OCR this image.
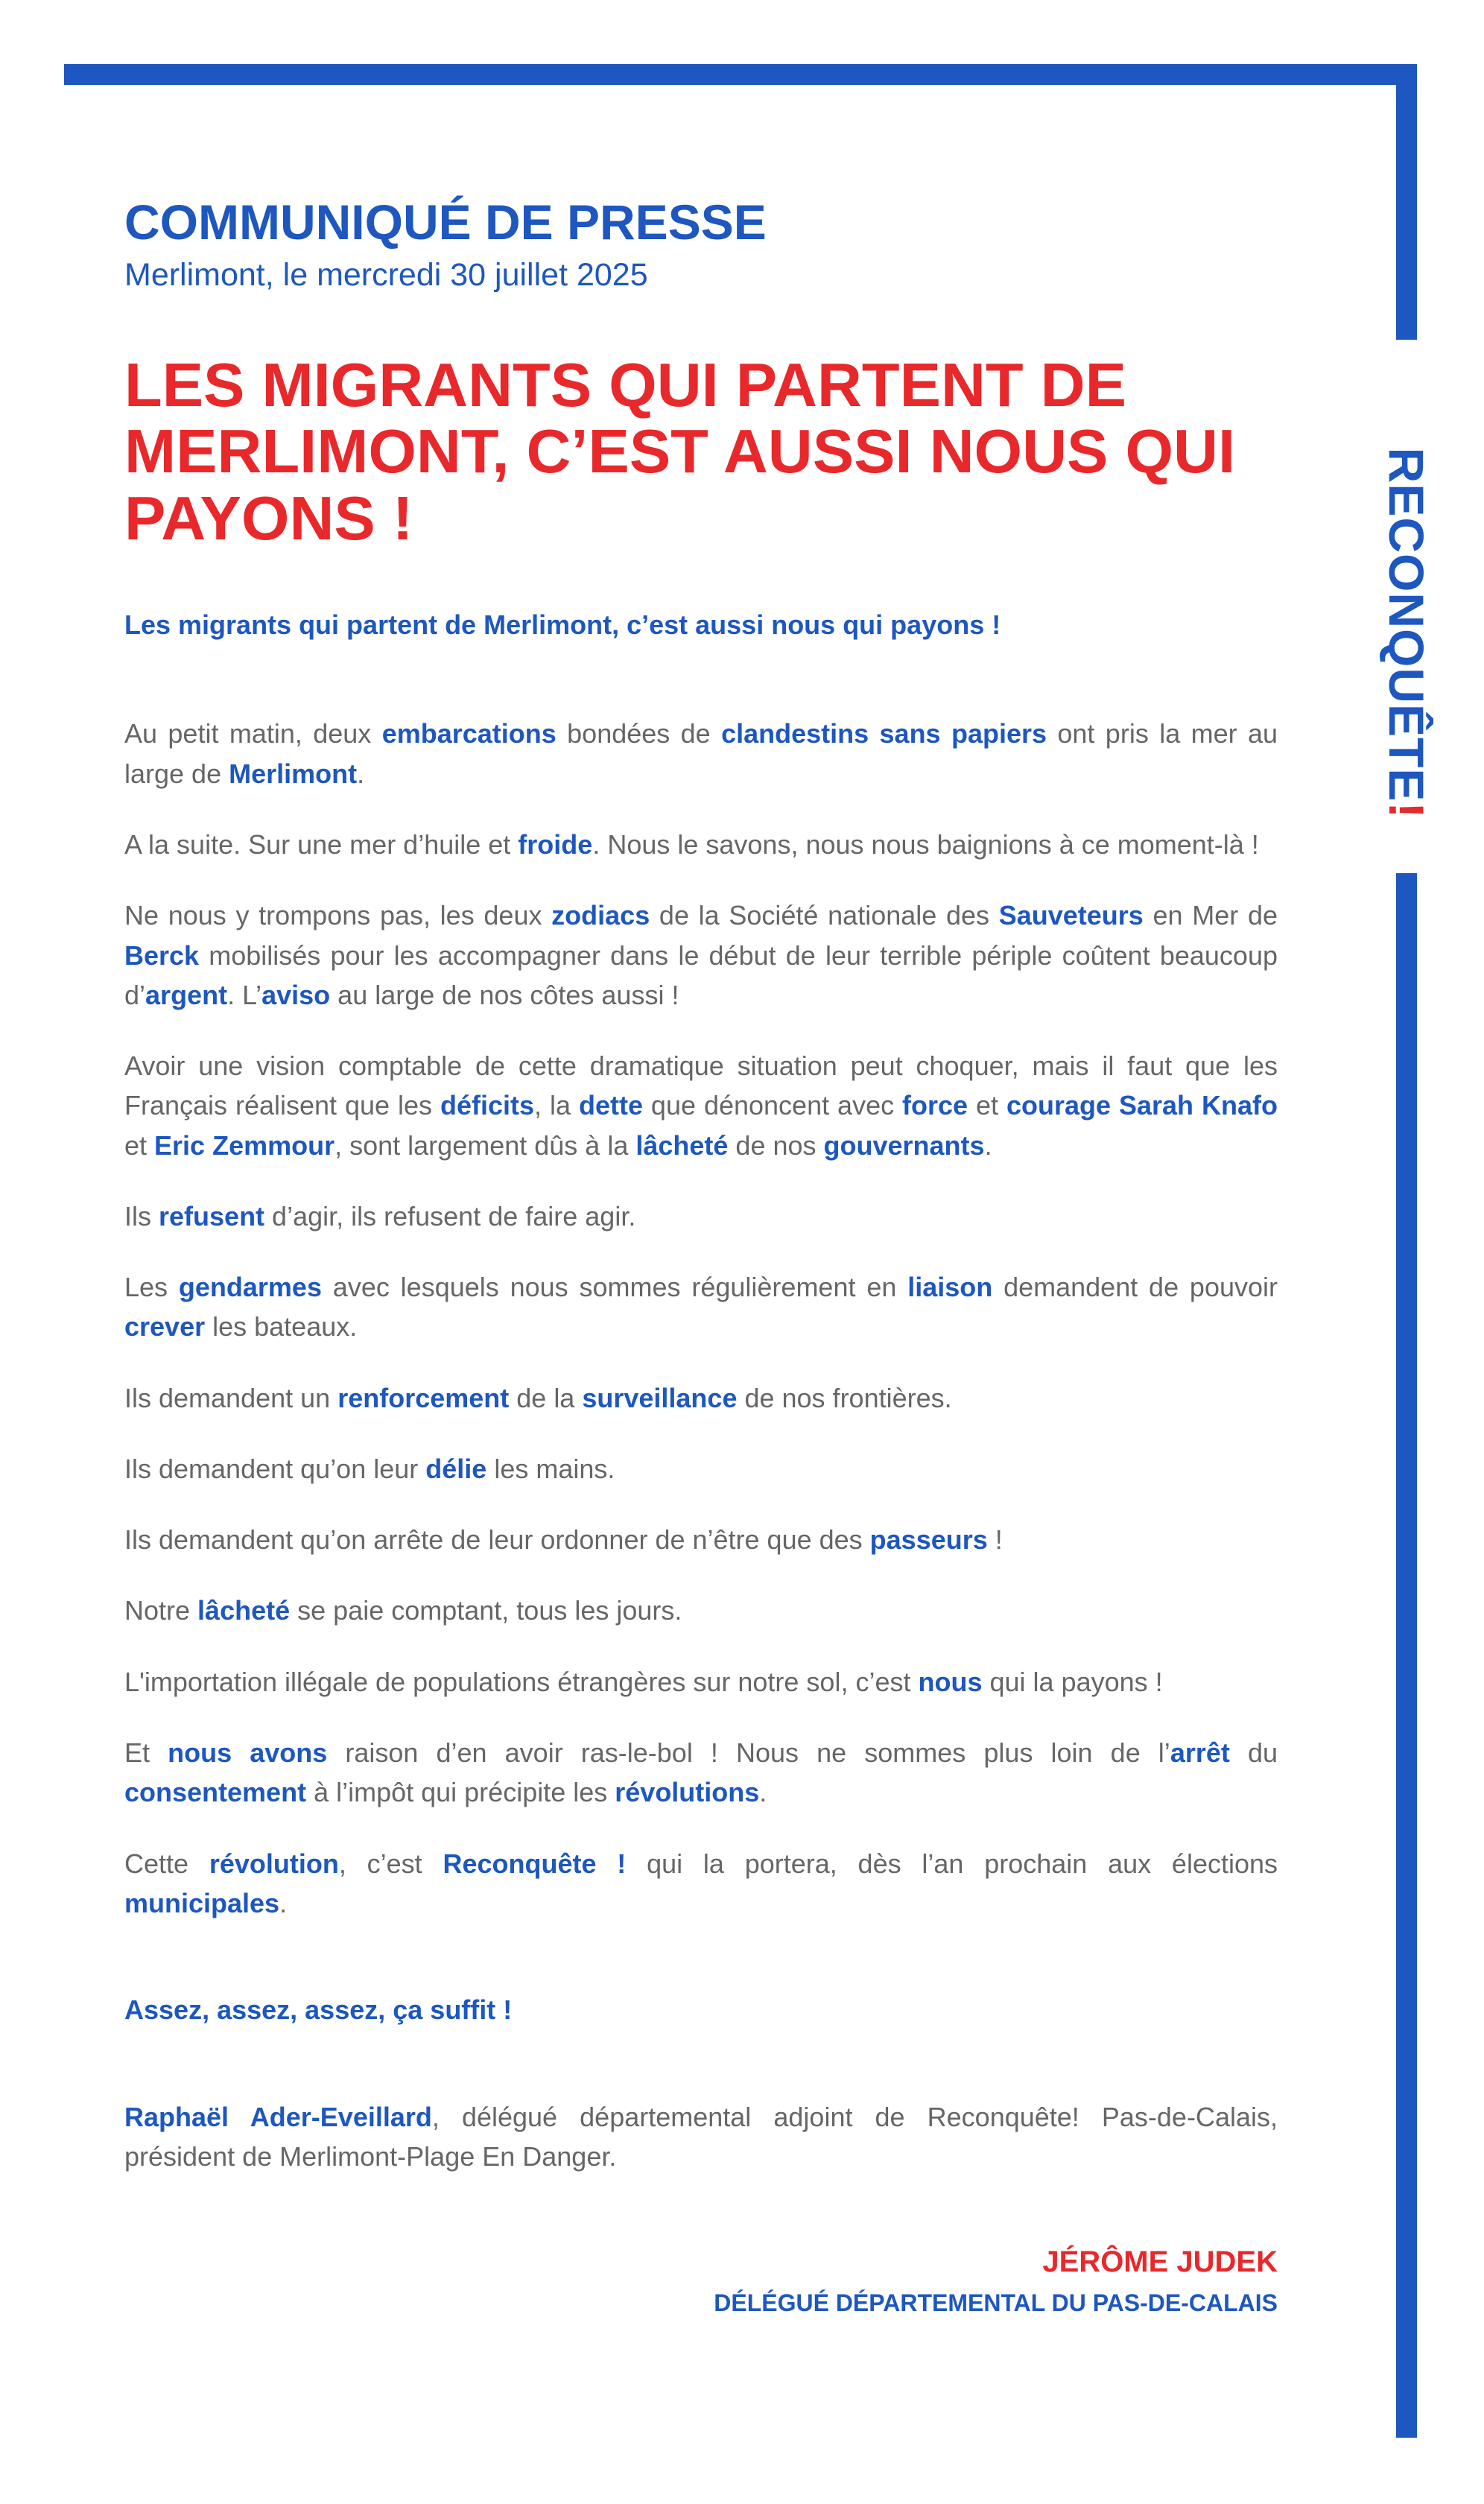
RECONQUÊTE
!
COMMUNIQUÉ DE PRESSE

Merlimont, le mercredi 30 juillet 2025

LES MIGRANTS QUI PARTENT DE
MERLIMONT, C’EST AUSSI NOUS QUI
PAYONS !

Les migrants qui partent de Merlimont, c’est aussi nous qui payons !

Au petit matin, deux embarcations bondées de clandestins sans papiers ont pris la mer au large de Merlimont.

A la suite. Sur une mer d’huile et froide. Nous le savons, nous nous baignions à ce moment-là !

Ne nous y trompons pas, les deux zodiacs de la Société nationale des Sauveteurs en Mer de Berck mobilisés pour les accompagner dans le début de leur terrible périple coûtent beaucoup d’argent. L’aviso au large de nos côtes aussi !

Avoir une vision comptable de cette dramatique situation peut choquer, mais il faut que les Français réalisent que les déficits, la dette que dénoncent avec force et courage Sarah Knafo et Eric Zemmour, sont largement dûs à la lâcheté de nos gouvernants.

Ils refusent d’agir, ils refusent de faire agir.

Les gendarmes avec lesquels nous sommes régulièrement en liaison demandent de pouvoir crever les bateaux.

Ils demandent un renforcement de la surveillance de nos frontières.

Ils demandent qu’on leur délie les mains.

Ils demandent qu’on arrête de leur ordonner de n’être que des passeurs !

Notre lâcheté se paie comptant, tous les jours.

L'importation illégale de populations étrangères sur notre sol, c’est nous qui la payons !

Et nous avons raison d’en avoir ras-le-bol ! Nous ne sommes plus loin de l’arrêt du consentement à l’impôt qui précipite les révolutions.

Cette révolution, c’est Reconquête ! qui la portera, dès l’an prochain aux élections municipales.

Assez, assez, assez, ça suffit !

Raphaël Ader-Eveillard, délégué départemental adjoint de Reconquête! Pas-de-Calais, président de Merlimont-Plage En Danger.

JÉRÔME JUDEK

DÉLÉGUÉ DÉPARTEMENTAL DU PAS-DE-CALAIS
